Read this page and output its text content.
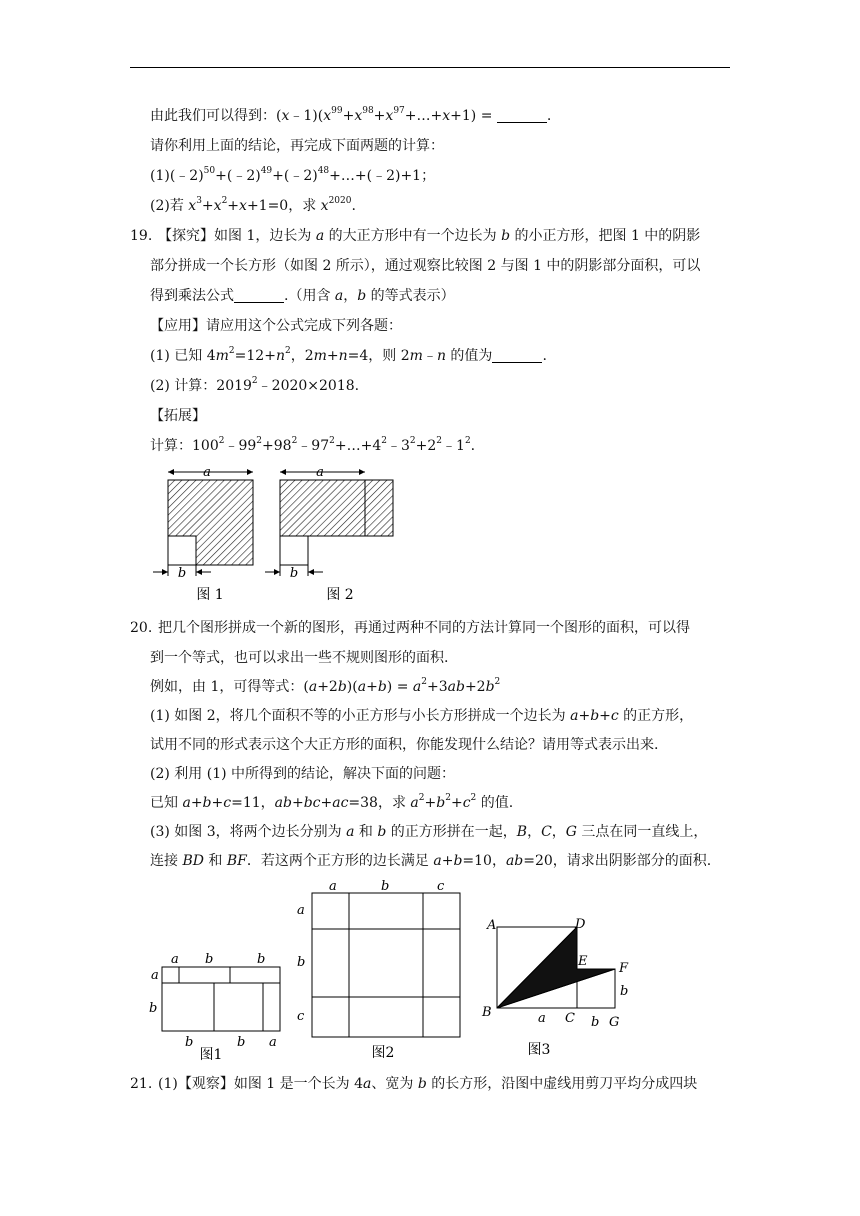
由此我们可以得到：$(x﹣1)(x^{99}+x^{98}+x^{97}+\dots+x+1)$ =	.
请你利用上面的结论，再完成下面两题的计算：
(1)(﹣2)$^{50}$+(﹣2)$^{49}$+(﹣2)$^{48}$+…+(﹣2)+1；
(2)若 $x^3+x^2+x+1=0$，求 $x^{2020}$.
19. 【探究】如图 1，边长为 a 的大正方形中有一个边长为 b 的小正方形，把图 1 中的阴影
部分拼成一个长方形（如图 2 所示），通过观察比较图 2 与图 1 中的阴影部分面积，可以
得到乘法公式	.（用含 a，b 的等式表示）
【应用】请应用这个公式完成下列各题：
(1) 已知 $4m^2=12+n^2$，2m+n=4，则 2m﹣n 的值为	.
(2) 计算：$2019^2﹣2020\times 2018$.
【拓展】
计算：$100^2﹣99^2+98^2﹣97^2+\dots+4^2﹣3^2+2^2﹣1^2$.
a
b
图 1
a
b
图 2
20. 把几个图形拼成一个新的图形，再通过两种不同的方法计算同一个图形的面积，可以得
到一个等式，也可以求出一些不规则图形的面积.
例如，由 1，可得等式：$(a+2b)(a+b) = a^2+3ab+2b^2$
(1) 如图 2，将几个面积不等的小正方形与小长方形拼成一个边长为 a+b+c 的正方形，
试用不同的形式表示这个大正方形的面积，你能发现什么结论？请用等式表示出来.
(2) 利用 (1) 中所得到的结论，解决下面的问题：
已知 a+b+c=11，ab+bc+ac=38，求 $a^2+b^2+c^2$ 的值.
(3) 如图 3，将两个边长分别为 a 和 b 的正方形拼在一起，B，C，G 三点在同一直线上，
连接 BD 和 BF．若这两个正方形的边长满足 a+b=10，ab=20，请求出阴影部分的面积.
a b	b
a
b
b	b a
图1
a	b	c
a
b
c
图2
A	D
E F
b
B	a C b G
图3
21. (1)【观察】如图 1 是一个长为 4a、宽为 b 的长方形，沿图中虚线用剪刀平均分成四块
